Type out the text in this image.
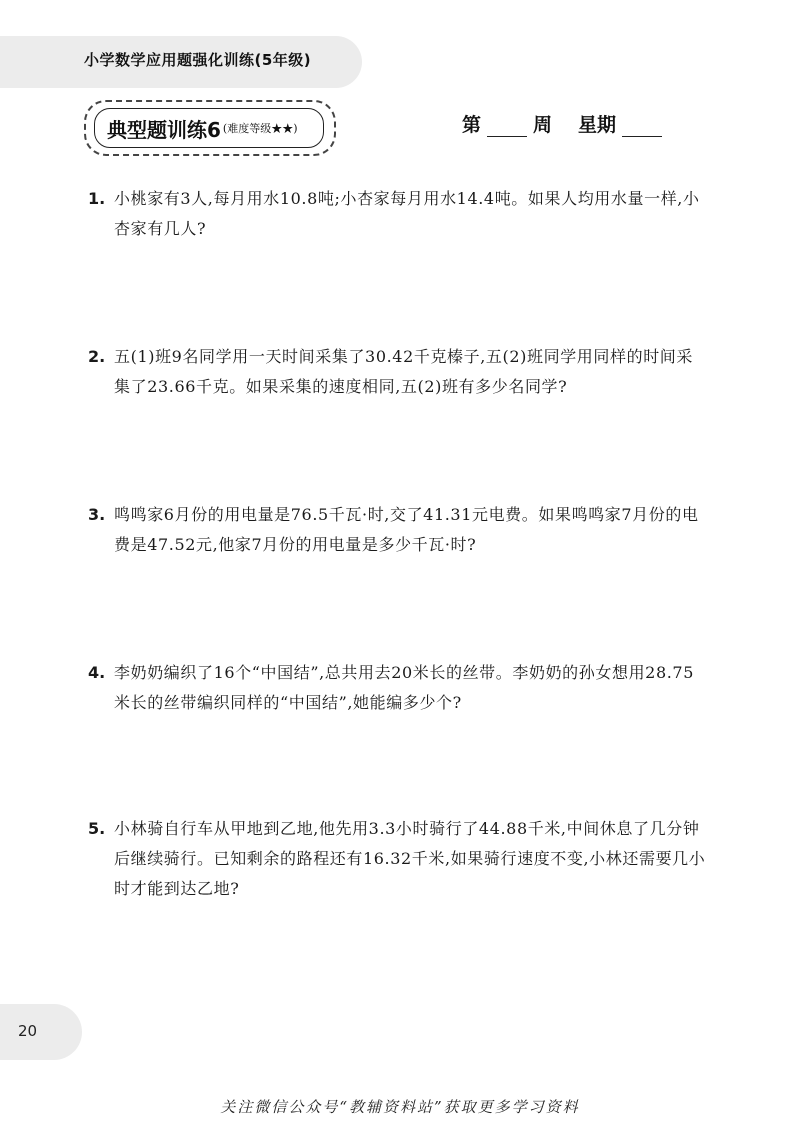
小学数学应用题强化训练(5年级)
典型题训练6 (难度等级★★)	第	周 星期
1. 小桃家有3人,每月用水10.8吨;小杏家每月用水14.4吨。如果人均用水量一样,小杏家有几人?
2. 五(1)班9名同学用一天时间采集了30.42千克榛子,五(2)班同学用同样的时间采集了23.66千克。如果采集的速度相同,五(2)班有多少名同学?
3. 鸣鸣家6月份的用电量是76.5千瓦·时,交了41.31元电费。如果鸣鸣家7月份的电费是47.52元,他家7月份的用电量是多少千瓦·时?
4. 李奶奶编织了16个“中国结”,总共用去20米长的丝带。李奶奶的孙女想用28.75米长的丝带编织同样的“中国结”,她能编多少个?
5. 小林骑自行车从甲地到乙地,他先用3.3小时骑行了44.88千米,中间休息了几分钟后继续骑行。已知剩余的路程还有16.32千米,如果骑行速度不变,小林还需要几小时才能到达乙地?
20
关注微信公众号“教辅资料站”获取更多学习资料
